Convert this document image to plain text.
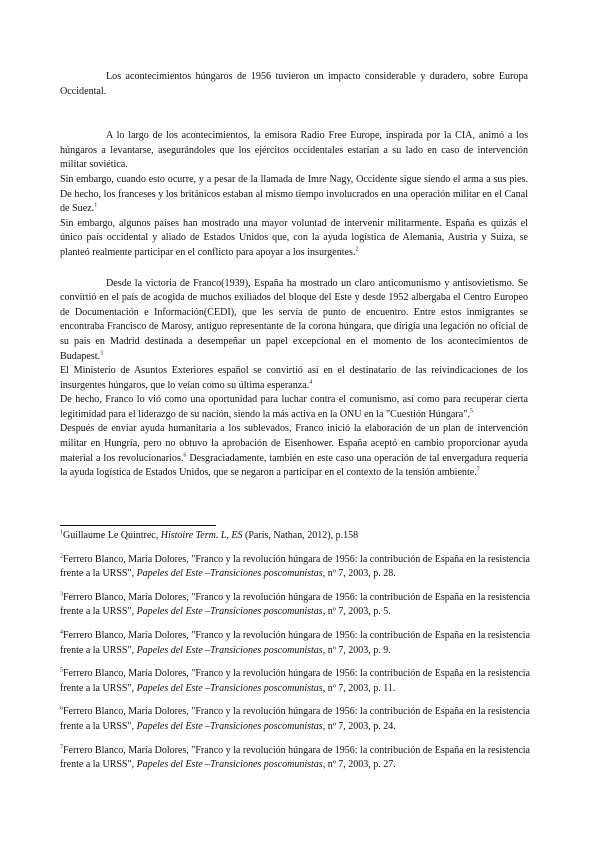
Los acontecimientos húngaros de 1956 tuvieron un impacto considerable y duradero, sobre Europa Occidental.

A lo largo de los acontecimientos, la emisora Radio Free Europe, inspirada por la CIA, animó a los húngaros a levantarse, asegurándoles que los ejércitos occidentales estarían a su lado en caso de intervención militar soviética.

Sin embargo, cuando esto ocurre, y a pesar de la llamada de Imre Nagy, Occidente sigue siendo el arma a sus pies. De hecho, los franceses y los británicos estaban al mismo tiempo involucrados en una operación militar en el Canal de Suez.$^1$

Sin embargo, algunos países han mostrado una mayor voluntad de intervenir militarmente. España es quizás el único país occidental y aliado de Estados Unidos que, con la ayuda logística de Alemania, Austria y Suiza, se planteó realmente participar en el conflicto para apoyar a los insurgentes.$^2$

Desde la victoria de Franco(1939), España ha mostrado un claro anticomunismo y antisovietismo. Se convirtió en el país de acogida de muchos exiliados del bloque del Este y desde 1952 albergaba el Centro Europeo de Documentación e Información(CEDI), que les servía de punto de encuentro. Entre estos inmigrantes se encontraba Francisco de Marosy, antiguo representante de la corona húngara, que dirigía una legación no oficial de su país en Madrid destinada a desempeñar un papel excepcional en el momento de los acontecimientos de Budapest.$^3$

El Ministerio de Asuntos Exteriores español se convirtió así en el destinatario de las reivindicaciones de los insurgentes húngaros, que lo veían como su última esperanza.$^4$

De hecho, Franco lo vió como una oportunidad para luchar contra el comunismo, así como para recuperar cierta legitimidad para el liderazgo de su nación, siendo la más activa en la ONU en la "Cuestión Húngara".$^5$

Después de enviar ayuda humanitaria a los sublevados, Franco inició la elaboración de un plan de intervención militar en Hungría, pero no obtuvo la aprobación de Eisenhower. España aceptó en cambio proporcionar ayuda material a los revolucionarios.$^6$ Desgraciadamente, también en este caso una operación de tal envergadura requería la ayuda logística de Estados Unidos, que se negaron a participar en el contexto de la tensión ambiente.$^7$

$^1$Guillaume Le Quintrec, Histoire Term. L, ES (París, Nathan, 2012), p.158

$^2$Ferrero Blanco, María Dolores, "Franco y la revolución húngara de 1956: la contribución de España en la resistencia frente a la URSS", Papeles del Este –Transiciones poscomunistas, nº 7, 2003, p. 28.

$^3$Ferrero Blanco, María Dolores, "Franco y la revolución húngara de 1956: la contribución de España en la resistencia frente a la URSS", Papeles del Este –Transiciones poscomunistas, nº 7, 2003, p. 5.

$^4$Ferrero Blanco, María Dolores, "Franco y la revolución húngara de 1956: la contribución de España en la resistencia frente a la URSS", Papeles del Este –Transiciones poscomunistas, nº 7, 2003, p. 9.

$^5$Ferrero Blanco, María Dolores, "Franco y la revolución húngara de 1956: la contribución de España en la resistencia frente a la URSS", Papeles del Este –Transiciones poscomunistas, nº 7, 2003, p. 11.

$^6$Ferrero Blanco, María Dolores, "Franco y la revolución húngara de 1956: la contribución de España en la resistencia frente a la URSS", Papeles del Este –Transiciones poscomunistas, nº 7, 2003, p. 24.

$^7$Ferrero Blanco, María Dolores, "Franco y la revolución húngara de 1956: la contribución de España en la resistencia frente a la URSS", Papeles del Este –Transiciones poscomunistas, nº 7, 2003, p. 27.
